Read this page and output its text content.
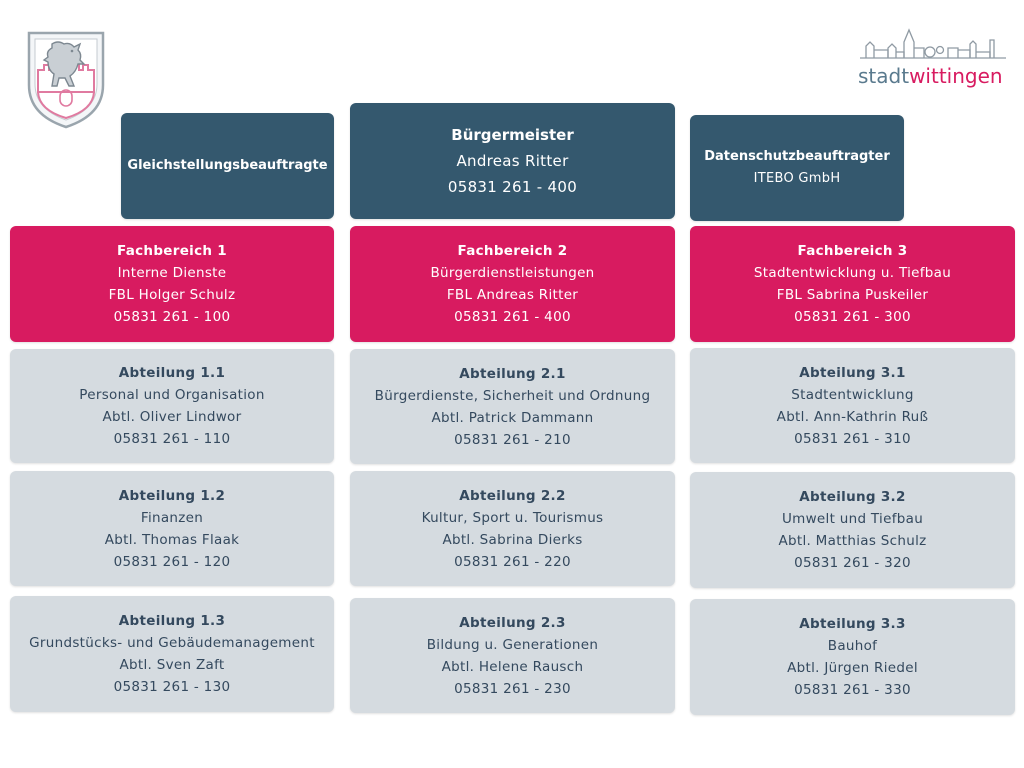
stadtwittingen
Gleichstellungsbeauftragte
Bürgermeister
Andreas Ritter
05831 261 - 400
Datenschutzbeauftragter
ITEBO GmbH
Fachbereich 1
Interne Dienste
FBL Holger Schulz
05831 261 - 100
Abteilung 1.1
Personal und Organisation
Abtl. Oliver Lindwor
05831 261 - 110
Abteilung 1.2
Finanzen
Abtl. Thomas Flaak
05831 261 - 120
Abteilung 1.3
Grundstücks- und Gebäudemanagement
Abtl. Sven Zaft
05831 261 - 130
Fachbereich 2
Bürgerdienstleistungen
FBL Andreas Ritter
05831 261 - 400
Abteilung 2.1
Bürgerdienste, Sicherheit und Ordnung
Abtl. Patrick Dammann
05831 261 - 210
Abteilung 2.2
Kultur, Sport u. Tourismus
Abtl. Sabrina Dierks
05831 261 - 220
Abteilung 2.3
Bildung u. Generationen
Abtl. Helene Rausch
05831 261 - 230
Fachbereich 3
Stadtentwicklung u. Tiefbau
FBL Sabrina Puskeiler
05831 261 - 300
Abteilung 3.1
Stadtentwicklung
Abtl. Ann-Kathrin Ruß
05831 261 - 310
Abteilung 3.2
Umwelt und Tiefbau
Abtl. Matthias Schulz
05831 261 - 320
Abteilung 3.3
Bauhof
Abtl. Jürgen Riedel
05831 261 - 330
